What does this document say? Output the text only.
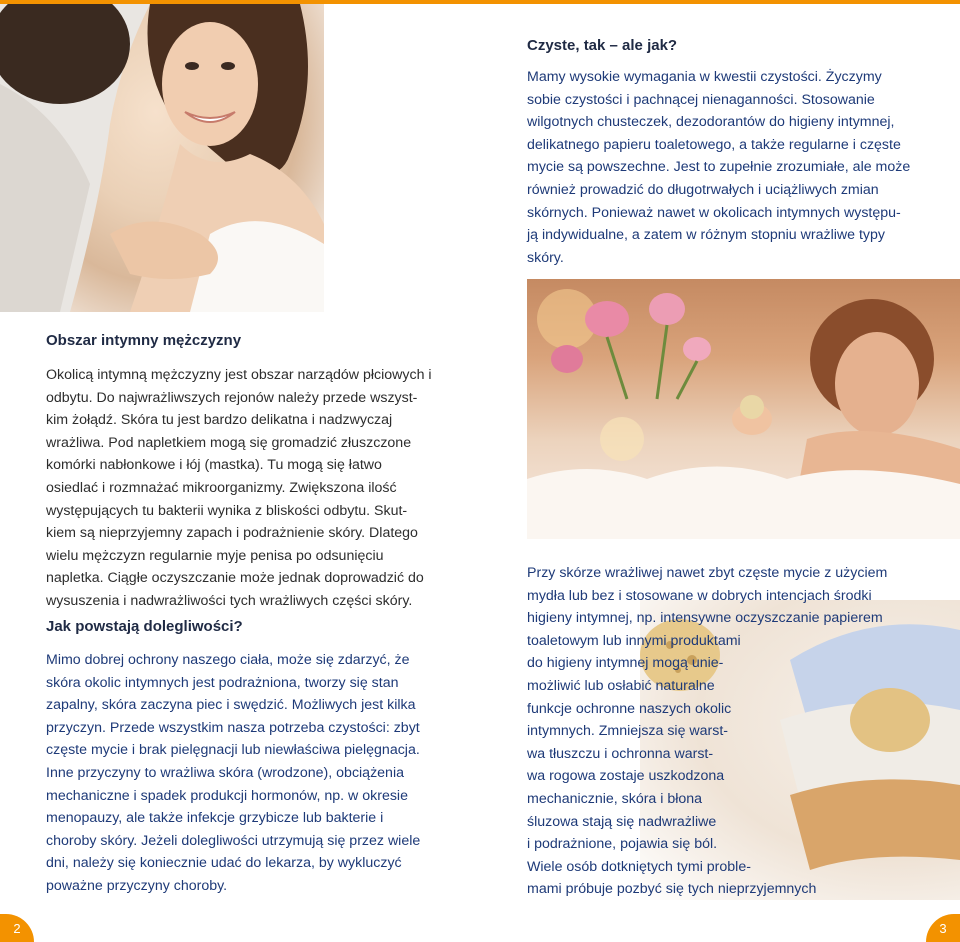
Czyste, tak – ale jak?

Mamy wysokie wymagania w kwestii czystości. Życzymy
sobie czystości i pachnącej nienaganności. Stosowanie
wilgotnych chusteczek, dezodorantów do higieny intymnej,
delikatnego papieru toaletowego, a także regularne i częste
mycie są powszechne. Jest to zupełnie zrozumiałe, ale może
również prowadzić do długotrwałych i uciążliwych zmian
skórnych. Ponieważ nawet w okolicach intymnych występu-
ją indywidualne, a zatem w różnym stopniu wrażliwe typy
skóry.

Obszar intymny mężczyzny

Okolicą intymną mężczyzny jest obszar narządów płciowych i
odbytu. Do najwrażliwszych rejonów należy przede wszyst-
kim żołądź. Skóra tu jest bardzo delikatna i nadzwyczaj
wrażliwa. Pod napletkiem mogą się gromadzić złuszczone
komórki nabłonkowe i łój (mastka). Tu mogą się łatwo
osiedlać i rozmnażać mikroorganizmy. Zwiększona ilość
występujących tu bakterii wynika z bliskości odbytu. Skut-
kiem są nieprzyjemny zapach i podrażnienie skóry. Dlatego
wielu mężczyzn regularnie myje penisa po odsunięciu
napletka. Ciągłe oczyszczanie może jednak doprowadzić do
wysuszenia i nadwrażliwości tych wrażliwych części skóry.

Jak powstają dolegliwości?

Mimo dobrej ochrony naszego ciała, może się zdarzyć, że
skóra okolic intymnych jest podrażniona, tworzy się stan
zapalny, skóra zaczyna piec i swędzić. Możliwych jest kilka
przyczyn. Przede wszystkim nasza potrzeba czystości: zbyt
częste mycie i brak pielęgnacji lub niewłaściwa pielęgnacja.
Inne przyczyny to wrażliwa skóra (wrodzone), obciążenia
mechaniczne i spadek produkcji hormonów, np. w okresie
menopauzy, ale także infekcje grzybicze lub bakterie i
choroby skóry. Jeżeli dolegliwości utrzymują się przez wiele
dni, należy się koniecznie udać do lekarza, by wykluczyć
poważne przyczyny choroby.

Przy skórze wrażliwej nawet zbyt częste mycie z użyciem
mydła lub bez i stosowane w dobrych intencjach środki
higieny intymnej, np. intensywne oczyszczanie papierem
toaletowym lub innymi produktami
do higieny intymnej mogą unie-
możliwić lub osłabić naturalne
funkcje ochronne naszych okolic
intymnych. Zmniejsza się warst-
wa tłuszczu i ochronna warst-
wa rogowa zostaje uszkodzona
mechanicznie, skóra i błona
śluzowa stają się nadwrażliwe
i podrażnione, pojawia się ból.
Wiele osób dotkniętych tymi proble-
mami próbuje pozbyć się tych nieprzyjemnych

2	3
